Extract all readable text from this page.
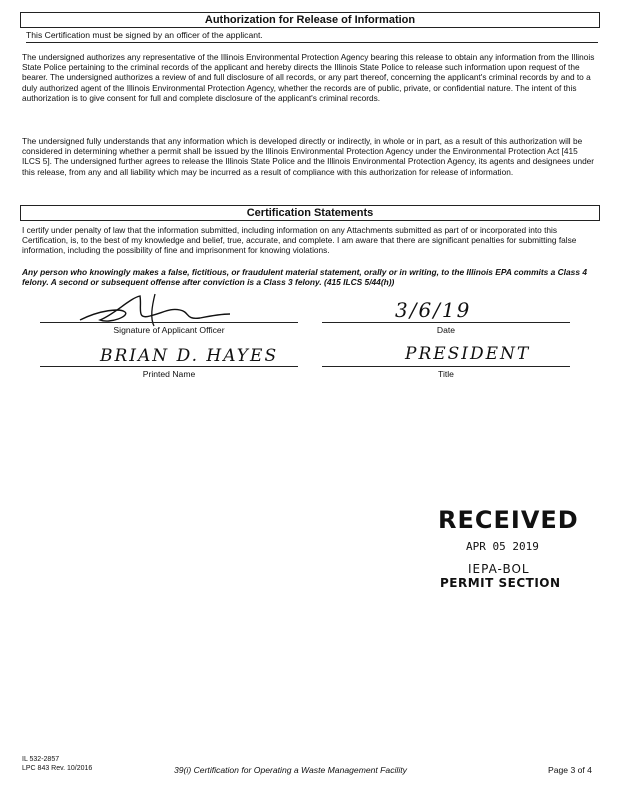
Authorization for Release of Information
This Certification must be signed by an officer of the applicant.

The undersigned authorizes any representative of the Illinois Environmental Protection Agency bearing this release to obtain any information from the Illinois State Police pertaining to the criminal records of the applicant and hereby directs the Illinois State Police to release such information upon request of the bearer. The undersigned authorizes a review of and full disclosure of all records, or any part thereof, concerning the applicant's criminal records by and to a duly authorized agent of the Illinois Environmental Protection Agency, whether the records are of public, private, or confidential nature. The intent of this authorization is to give consent for full and complete disclosure of the applicant's criminal records.

The undersigned fully understands that any information which is developed directly or indirectly, in whole or in part, as a result of this authorization will be considered in determining whether a permit shall be issued by the Illinois Environmental Protection Agency under the Environmental Protection Act [415 ILCS 5]. The undersigned further agrees to release the Illinois State Police and the Illinois Environmental Protection Agency, its agents and designees under this release, from any and all liability which may be incurred as a result of compliance with this authorization for release of information.

Certification Statements

I certify under penalty of law that the information submitted, including information on any Attachments submitted as part of or incorporated into this Certification, is, to the best of my knowledge and belief, true, accurate, and complete. I am aware that there are significant penalties for submitting false information, including the possibility of fine and imprisonment for knowing violations.

Any person who knowingly makes a false, fictitious, or fraudulent material statement, orally or in writing, to the Illinois EPA commits a Class 4 felony. A second or subsequent offense after conviction is a Class 3 felony. (415 ILCS 5/44(h))

Signature of Applicant Officer
3/6/19
Date
BRIAN D. HAYES
Printed Name
PRESIDENT
Title
RECEIVED
APR 05 2019
IEPA-BOL
PERMIT SECTION
IL 532-2857
LPC 843 Rev. 10/2016	39(i) Certification for Operating a Waste Management Facility	Page 3 of 4
